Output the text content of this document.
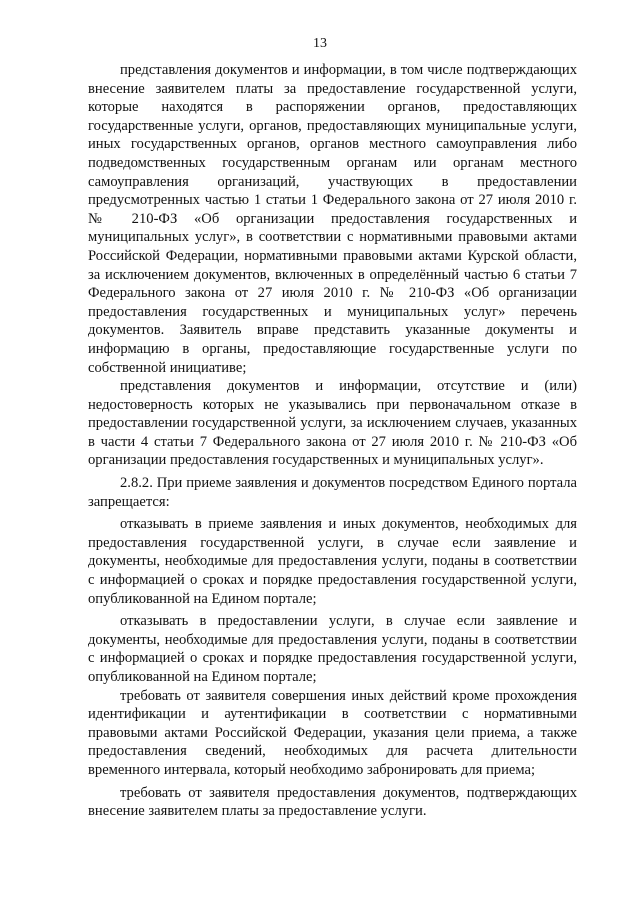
13

представления документов и информации, в том числе подтверждающих внесение заявителем платы за предоставление государственной услуги, которые находятся в распоряжении органов, предоставляющих государственные услуги, органов, предоставляющих муниципальные услуги, иных государственных органов, органов местного самоуправления либо подведомственных государственным органам или органам местного самоуправления организаций, участвующих в предоставлении предусмотренных частью 1 статьи 1 Федерального закона от 27 июля 2010 г. № 210-ФЗ «Об организации предоставления государственных и муниципальных услуг», в соответствии с нормативными правовыми актами Российской Федерации, нормативными правовыми актами Курской области, за исключением документов, включенных в определённый частью 6 статьи 7 Федерального закона от 27 июля 2010 г. № 210-ФЗ «Об организации предоставления государственных и муниципальных услуг» перечень документов. Заявитель вправе представить указанные документы и информацию в органы, предоставляющие государственные услуги по собственной инициативе;

представления документов и информации, отсутствие и (или) недостоверность которых не указывались при первоначальном отказе в предоставлении государственной услуги, за исключением случаев, указанных в части 4 статьи 7 Федерального закона от 27 июля 2010 г. № 210-ФЗ «Об организации предоставления государственных и муниципальных услуг».

2.8.2. При приеме заявления и документов посредством Единого портала запрещается:

отказывать в приеме заявления и иных документов, необходимых для предоставления государственной услуги, в случае если заявление и документы, необходимые для предоставления услуги, поданы в соответствии с информацией о сроках и порядке предоставления государственной услуги, опубликованной на Едином портале;

отказывать в предоставлении услуги, в случае если заявление и документы, необходимые для предоставления услуги, поданы в соответствии с информацией о сроках и порядке предоставления государственной услуги, опубликованной на Едином портале;

требовать от заявителя совершения иных действий кроме прохождения идентификации и аутентификации в соответствии с нормативными правовыми актами Российской Федерации, указания цели приема, а также предоставления сведений, необходимых для расчета длительности временного интервала, который необходимо забронировать для приема;

требовать от заявителя предоставления документов, подтверждающих внесение заявителем платы за предоставление услуги.
